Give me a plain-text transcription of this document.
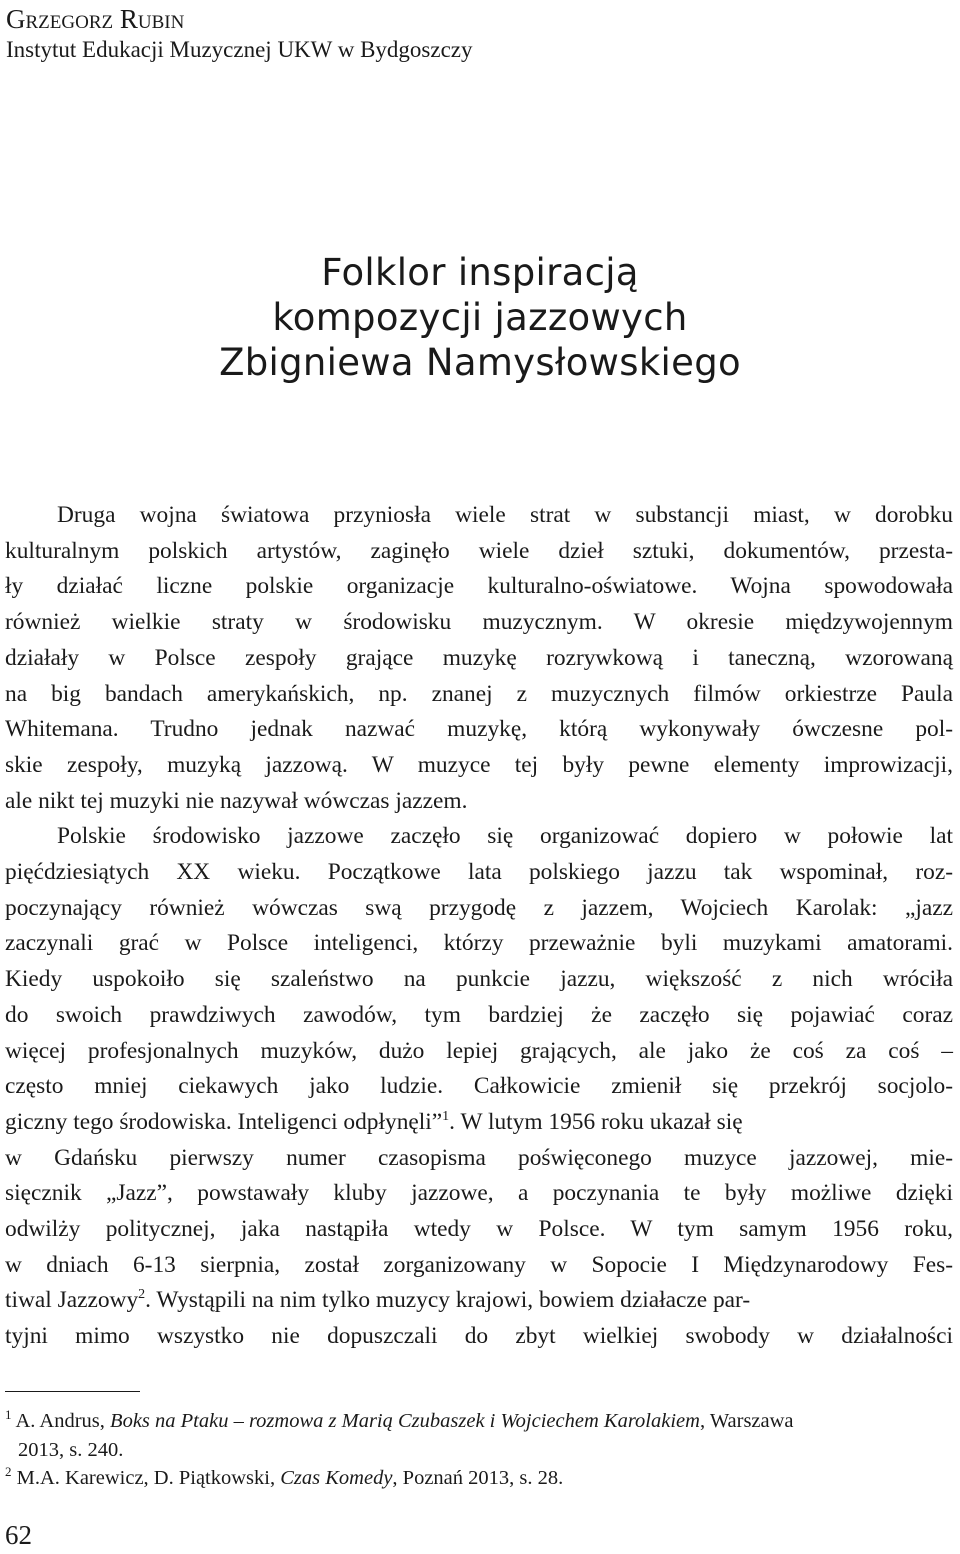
Grzegorz Rubin
Instytut Edukacji Muzycznej UKW w Bydgoszczy
Folklor inspiracją
kompozycji jazzowych
Zbigniewa Namysłowskiego
Druga wojna światowa przyniosła wiele strat w substancji miast, w dorobku
kulturalnym polskich artystów, zaginęło wiele dzieł sztuki, dokumentów, przesta-
ły działać liczne polskie organizacje kulturalno-oświatowe. Wojna spowodowała
również wielkie straty w środowisku muzycznym. W okresie międzywojennym
działały w Polsce zespoły grające muzykę rozrywkową i taneczną, wzorowaną
na big bandach amerykańskich, np. znanej z muzycznych filmów orkiestrze Paula
Whitemana. Trudno jednak nazwać muzykę, którą wykonywały ówczesne pol-
skie zespoły, muzyką jazzową. W muzyce tej były pewne elementy improwizacji,
ale nikt tej muzyki nie nazywał wówczas jazzem.
Polskie środowisko jazzowe zaczęło się organizować dopiero w połowie lat
pięćdziesiątych XX wieku. Początkowe lata polskiego jazzu tak wspominał, roz-
poczynający również wówczas swą przygodę z jazzem, Wojciech Karolak: „jazz
zaczynali grać w Polsce inteligenci, którzy przeważnie byli muzykami amatorami.
Kiedy uspokoiło się szaleństwo na punkcie jazzu, większość z nich wróciła
do swoich prawdziwych zawodów, tym bardziej że zaczęło się pojawiać coraz
więcej profesjonalnych muzyków, dużo lepiej grających, ale jako że coś za coś –
często mniej ciekawych jako ludzie. Całkowicie zmienił się przekrój socjolo-
giczny tego środowiska. Inteligenci odpłynęli”$^1$. W lutym 1956 roku ukazał się
w Gdańsku pierwszy numer czasopisma poświęconego muzyce jazzowej, mie-
sięcznik „Jazz”, powstawały kluby jazzowe, a poczynania te były możliwe dzięki
odwilży politycznej, jaka nastąpiła wtedy w Polsce. W tym samym 1956 roku,
w dniach 6-13 sierpnia, został zorganizowany w Sopocie I Międzynarodowy Fes-
tiwal Jazzowy$^2$. Wystąpili na nim tylko muzycy krajowi, bowiem działacze par-
tyjni mimo wszystko nie dopuszczali do zbyt wielkiej swobody w działalności
$^1$ A. Andrus, Boks na Ptaku – rozmowa z Marią Czubaszek i Wojciechem Karolakiem, Warszawa
2013, s. 240.
$^2$ M.A. Karewicz, D. Piątkowski, Czas Komedy, Poznań 2013, s. 28.
62
